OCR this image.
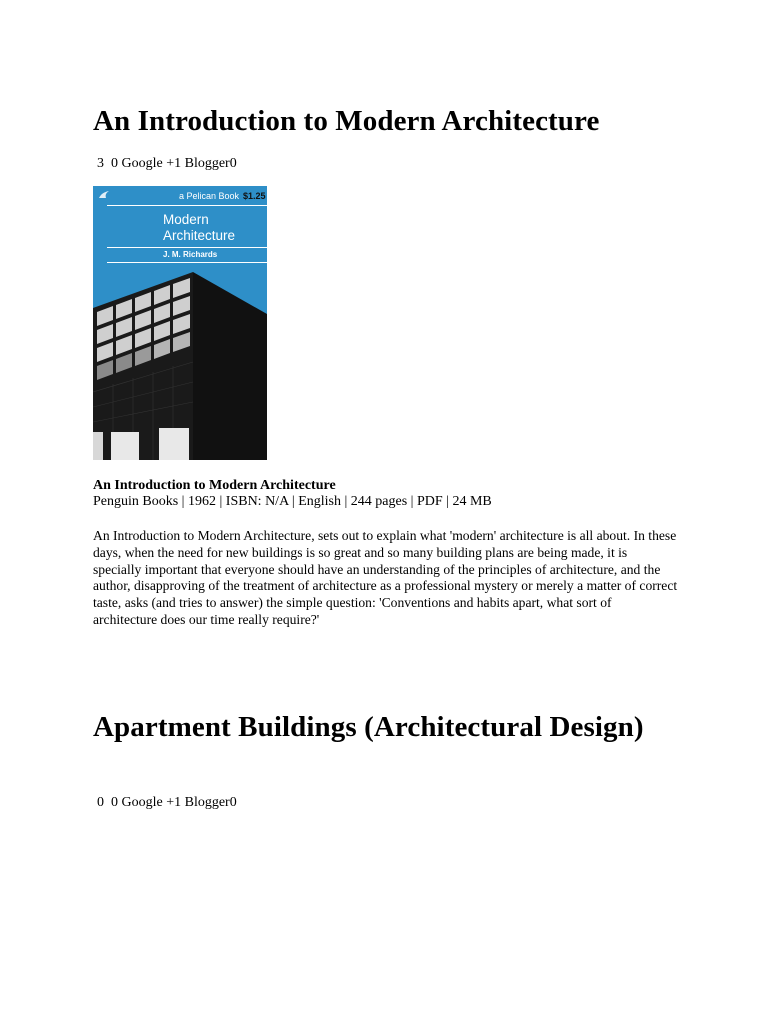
An Introduction to Modern Architecture
3  0 Google +1 Blogger0
a Pelican Book $1.25
Modern
Architecture
J. M. Richards
An Introduction to Modern Architecture
Penguin Books | 1962 | ISBN: N/A | English | 244 pages | PDF | 24 MB

An Introduction to Modern Architecture, sets out to explain what 'modern' architecture is all about. In these days, when the need for new buildings is so great and so many building plans are being made, it is specially important that everyone should have an understanding of the principles of architecture, and the author, disapproving of the treatment of architecture as a professional mystery or merely a matter of correct taste, asks (and tries to answer) the simple question: 'Conventions and habits apart, what sort of architecture does our time really require?'

Apartment Buildings (Architectural Design)
0  0 Google +1 Blogger0
